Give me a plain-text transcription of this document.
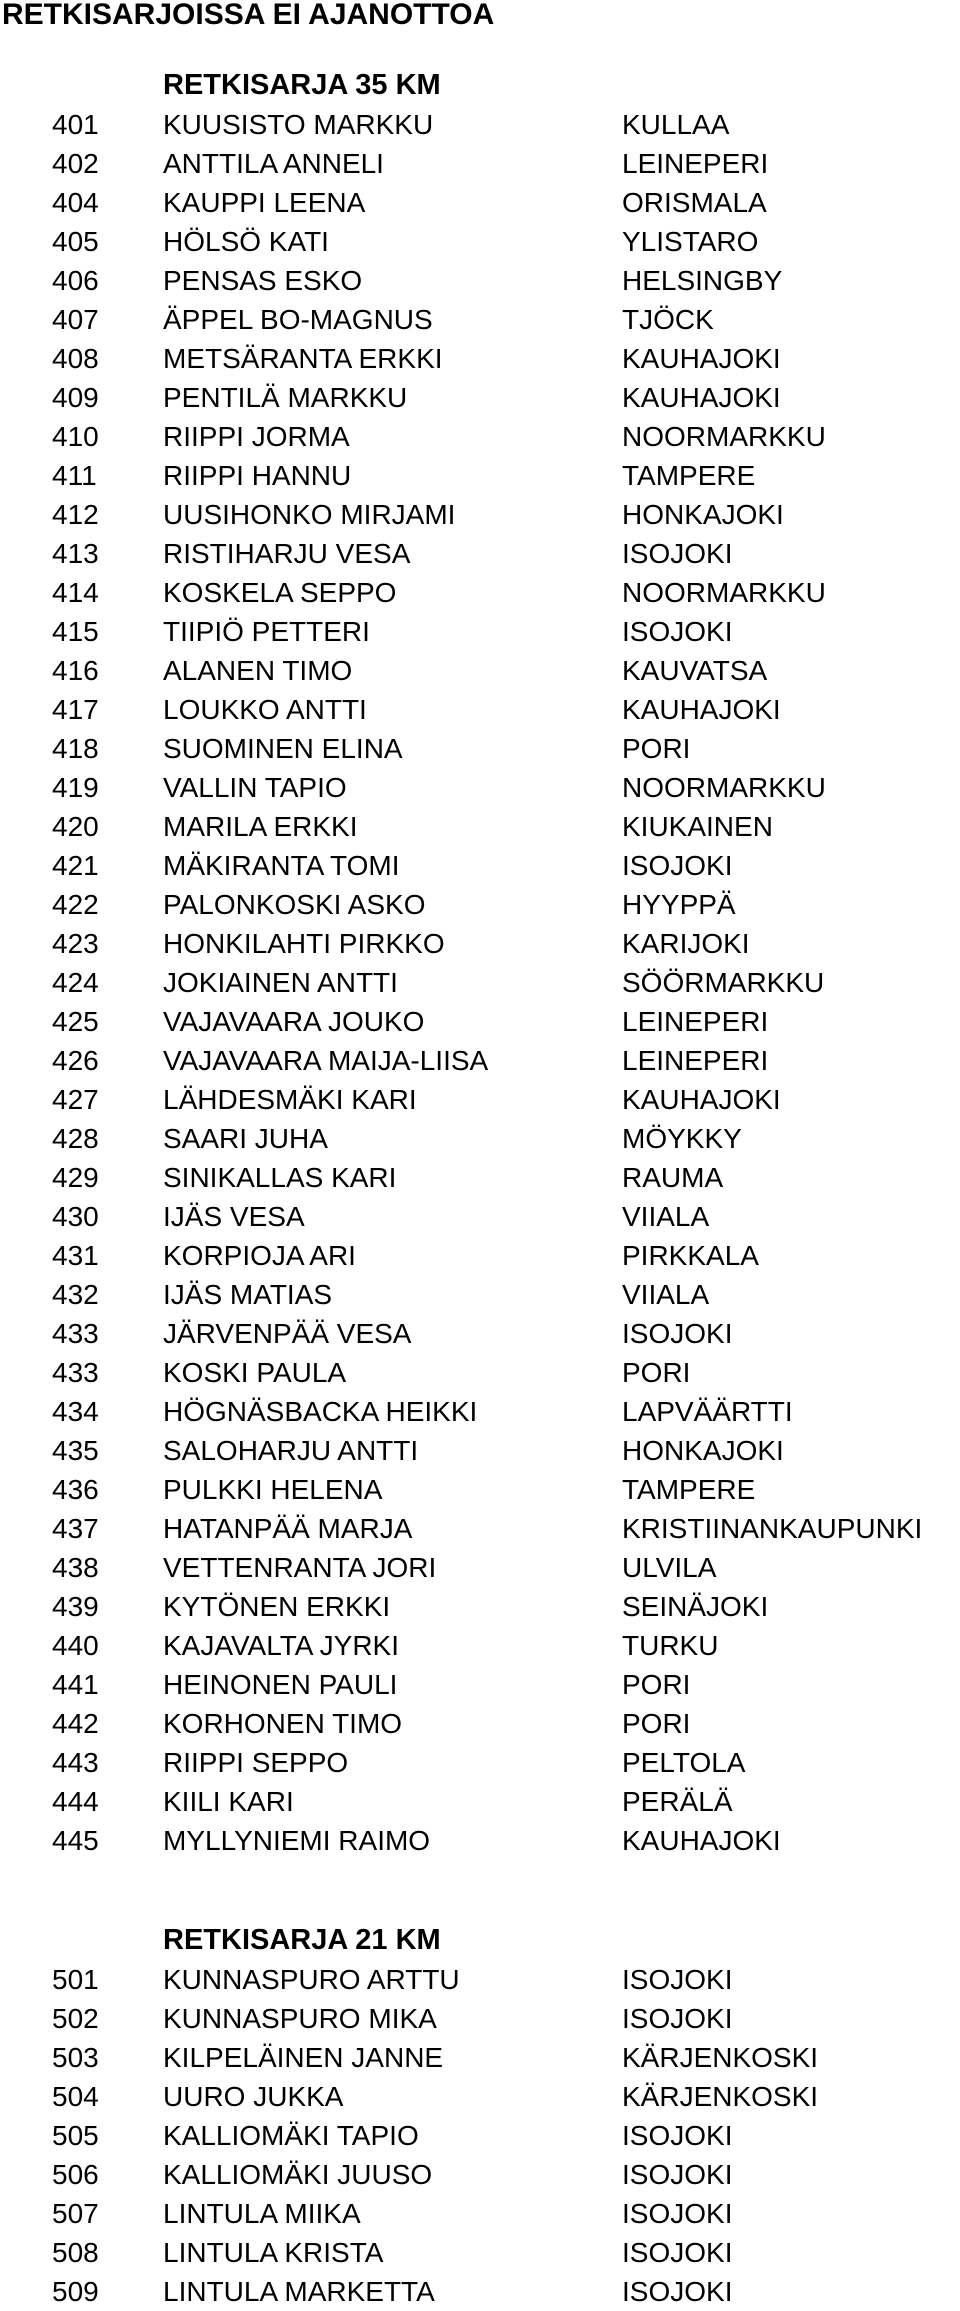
RETKISARJOISSA EI AJANOTTOA
RETKISARJA 35 KM
401 KUUSISTO MARKKU	KULLAA
402 ANTTILA ANNELI	LEINEPERI
404 KAUPPI LEENA	ORISMALA
405 HÖLSÖ KATI	YLISTARO
406 PENSAS ESKO	HELSINGBY
407 ÄPPEL BO-MAGNUS	TJÖCK
408 METSÄRANTA ERKKI	KAUHAJOKI
409 PENTILÄ MARKKU	KAUHAJOKI
410 RIIPPI JORMA	NOORMARKKU
411 RIIPPI HANNU	TAMPERE
412 UUSIHONKO MIRJAMI	HONKAJOKI
413 RISTIHARJU VESA	ISOJOKI
414 KOSKELA SEPPO	NOORMARKKU
415 TIIPIÖ PETTERI	ISOJOKI
416 ALANEN TIMO	KAUVATSA
417 LOUKKO ANTTI	KAUHAJOKI
418 SUOMINEN ELINA	PORI
419 VALLIN TAPIO	NOORMARKKU
420 MARILA ERKKI	KIUKAINEN
421 MÄKIRANTA TOMI	ISOJOKI
422 PALONKOSKI ASKO	HYYPPÄ
423 HONKILAHTI PIRKKO	KARIJOKI
424 JOKIAINEN ANTTI	SÖÖRMARKKU
425 VAJAVAARA JOUKO	LEINEPERI
426 VAJAVAARA MAIJA-LIISA	LEINEPERI
427 LÄHDESMÄKI KARI	KAUHAJOKI
428 SAARI JUHA	MÖYKKY
429 SINIKALLAS KARI	RAUMA
430 IJÄS VESA	VIIALA
431 KORPIOJA ARI	PIRKKALA
432 IJÄS MATIAS	VIIALA
433 JÄRVENPÄÄ VESA	ISOJOKI
433 KOSKI PAULA	PORI
434 HÖGNÄSBACKA HEIKKI	LAPVÄÄRTTI
435 SALOHARJU ANTTI	HONKAJOKI
436 PULKKI HELENA	TAMPERE
437 HATANPÄÄ MARJA	KRISTIINANKAUPUNKI
438 VETTENRANTA JORI	ULVILA
439 KYTÖNEN ERKKI	SEINÄJOKI
440 KAJAVALTA JYRKI	TURKU
441 HEINONEN PAULI	PORI
442 KORHONEN TIMO	PORI
443 RIIPPI SEPPO	PELTOLA
444 KIILI KARI	PERÄLÄ
445 MYLLYNIEMI RAIMO	KAUHAJOKI
RETKISARJA 21 KM
501 KUNNASPURO ARTTU	ISOJOKI
502 KUNNASPURO MIKA	ISOJOKI
503 KILPELÄINEN JANNE	KÄRJENKOSKI
504 UURO JUKKA	KÄRJENKOSKI
505 KALLIOMÄKI TAPIO	ISOJOKI
506 KALLIOMÄKI JUUSO	ISOJOKI
507 LINTULA MIIKA	ISOJOKI
508 LINTULA KRISTA	ISOJOKI
509 LINTULA MARKETTA	ISOJOKI
